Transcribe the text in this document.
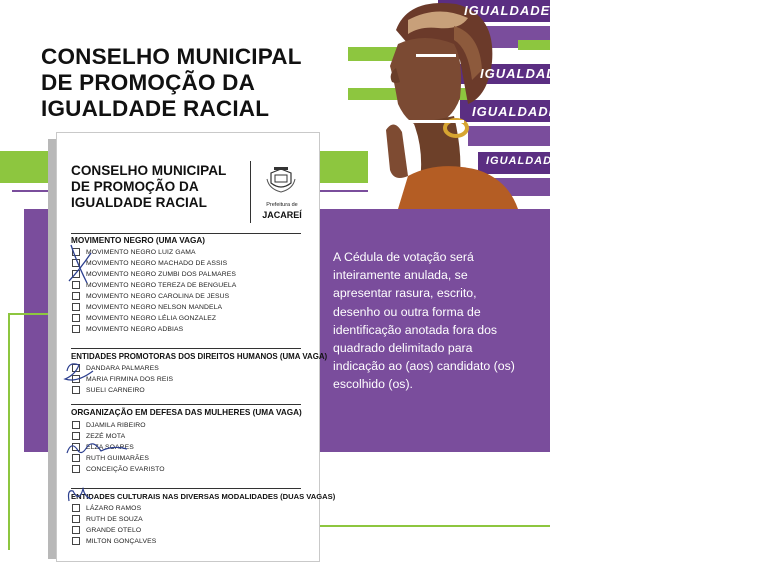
IGUALDADE . IGUALDADE . IGUALDADE
IGUALDADE . IGUALDADE . IGUALDADE
IGUALDADE . IGUALDADE . IGUALDADE
IGUALDADE . IGUALDADE . IGUALDADE
CONSELHO MUNICIPAL
DE PROMOÇÃO DA
IGUALDADE RACIAL
A Cédula de votação será inteiramente anulada, se apresentar rasura, escrito, desenho ou outra forma de identificação anotada fora dos quadrado delimitado para indicação ao (aos) candidato (os) escolhido (os).
CONSELHO MUNICIPAL
DE PROMOÇÃO DA
IGUALDADE RACIAL	Prefeitura de
JACAREÍ
MOVIMENTO NEGRO (UMA VAGA)
MOVIMENTO NEGRO LUIZ GAMA
MOVIMENTO NEGRO MACHADO DE ASSIS
MOVIMENTO NEGRO ZUMBI DOS PALMARES
MOVIMENTO NEGRO TEREZA DE BENGUELA
MOVIMENTO NEGRO CAROLINA DE JESUS
MOVIMENTO NEGRO NELSON MANDELA
MOVIMENTO NEGRO LÉLIA GONZALEZ
MOVIMENTO NEGRO ADBIAS
ENTIDADES PROMOTORAS DOS DIREITOS HUMANOS (UMA VAGA)
DANDARA PALMARES
MARIA FIRMINA DOS REIS
SUELI CARNEIRO
ORGANIZAÇÃO EM DEFESA DAS MULHERES (UMA VAGA)
DJAMILA RIBEIRO
ZEZÉ MOTA
ELZA SOARES
RUTH GUIMARÃES
CONCEIÇÃO EVARISTO
ENTIDADES CULTURAIS NAS DIVERSAS MODALIDADES (DUAS VAGAS)
LÁZARO RAMOS
RUTH DE SOUZA
GRANDE OTELO
MILTON GONÇALVES
